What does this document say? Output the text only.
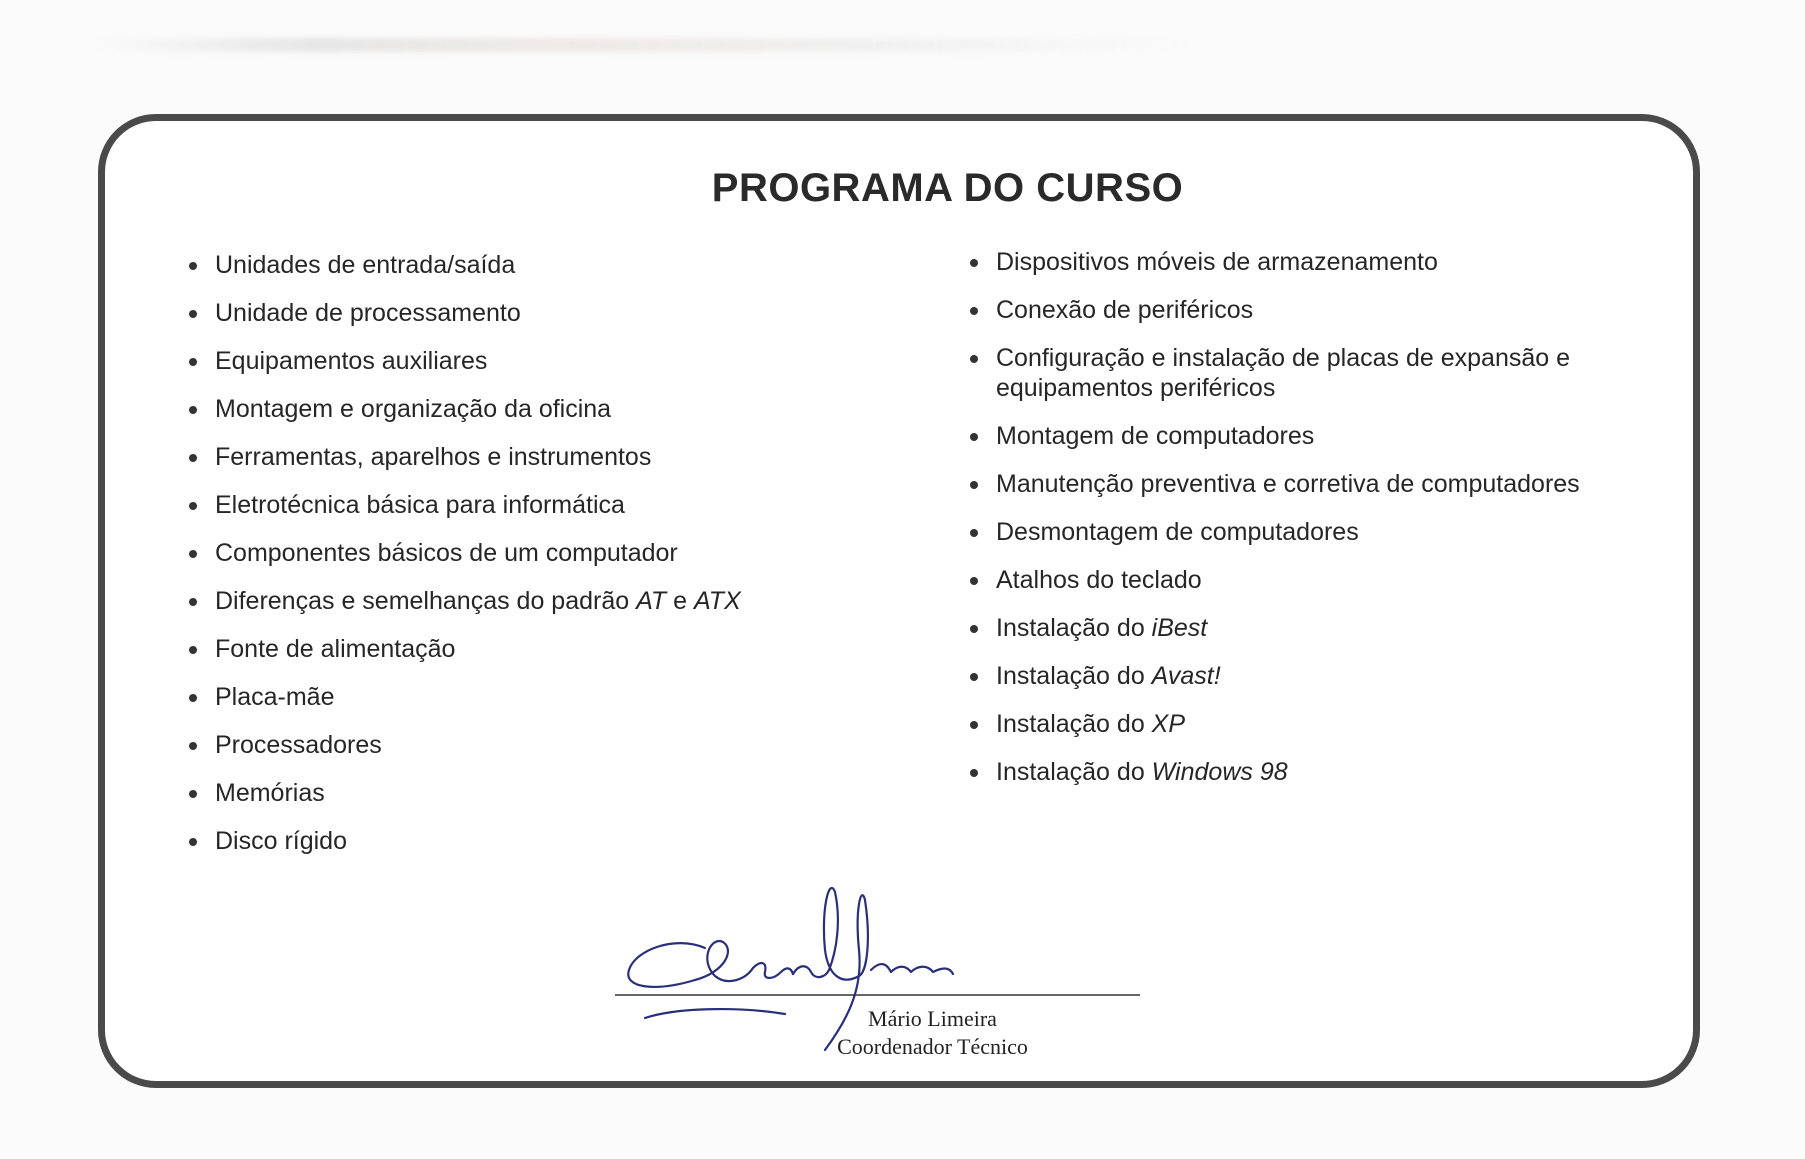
PROGRAMA DO CURSO
Unidades de entrada/saída
Unidade de processamento
Equipamentos auxiliares
Montagem e organização da oficina
Ferramentas, aparelhos e instrumentos
Eletrotécnica básica para informática
Componentes básicos de um computador
Diferenças e semelhanças do padrão AT e ATX
Fonte de alimentação
Placa-mãe
Processadores
Memórias
Disco rígido
Dispositivos móveis de armazenamento
Conexão de periféricos
Configuração e instalação de placas de expansão e equipamentos periféricos
Montagem de computadores
Manutenção preventiva e corretiva de computadores
Desmontagem de computadores
Atalhos do teclado
Instalação do iBest
Instalação do Avast!
Instalação do XP
Instalação do Windows 98
Mário Limeira
Coordenador Técnico
